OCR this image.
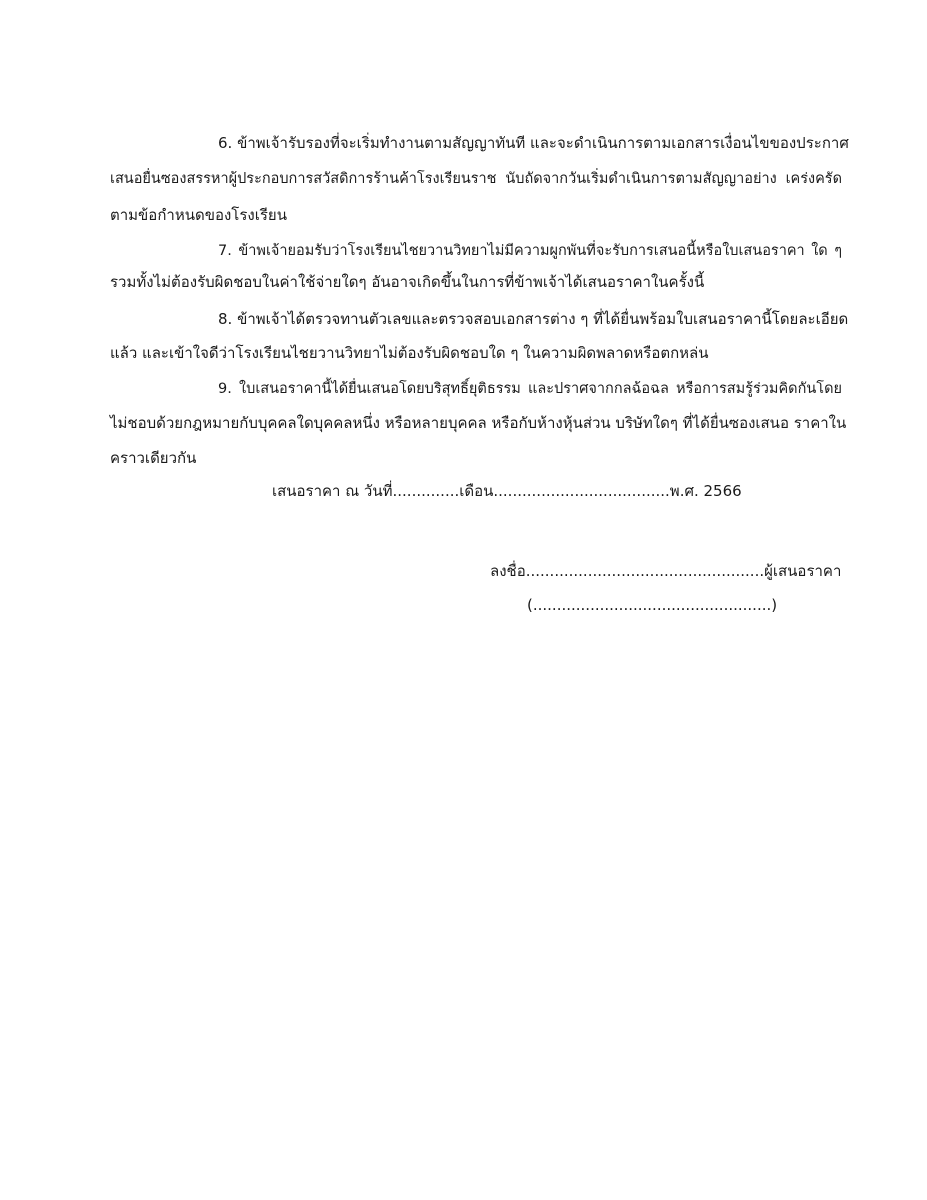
6. ข้าพเจ้ารับรองที่จะเริ่มทำงานตามสัญญาทันที และจะดำเนินการตามเอกสารเงื่อนไขของประกาศ
เสนอยื่นซองสรรหาผู้ประกอบการสวัสดิการร้านค้าโรงเรียนราช นับถัดจากวันเริ่มดำเนินการตามสัญญาอย่าง เคร่งครัด
ตามข้อกำหนดของโรงเรียน
7. ข้าพเจ้ายอมรับว่าโรงเรียนไชยวานวิทยาไม่มีความผูกพันที่จะรับการเสนอนี้หรือใบเสนอราคา ใด ๆ
รวมทั้งไม่ต้องรับผิดชอบในค่าใช้จ่ายใดๆ อันอาจเกิดขึ้นในการที่ข้าพเจ้าได้เสนอราคาในครั้งนี้
8. ข้าพเจ้าได้ตรวจทานตัวเลขและตรวจสอบเอกสารต่าง ๆ ที่ได้ยื่นพร้อมใบเสนอราคานี้โดยละเอียด
แล้ว และเข้าใจดีว่าโรงเรียนไชยวานวิทยาไม่ต้องรับผิดชอบใด ๆ ในความผิดพลาดหรือตกหล่น
9. ใบเสนอราคานี้ได้ยื่นเสนอโดยบริสุทธิ์ยุติธรรม และปราศจากกลฉ้อฉล หรือการสมรู้ร่วมคิดกันโดย
ไม่ชอบด้วยกฎหมายกับบุคคลใดบุคคลหนึ่ง หรือหลายบุคคล หรือกับห้างหุ้นส่วน บริษัทใดๆ ที่ได้ยื่นซองเสนอ ราคาใน
คราวเดียวกัน
เสนอราคา ณ วันที่..............เดือน.....................................พ.ศ. 2566
ลงชื่อ..................................................ผู้เสนอราคา
(..................................................)
